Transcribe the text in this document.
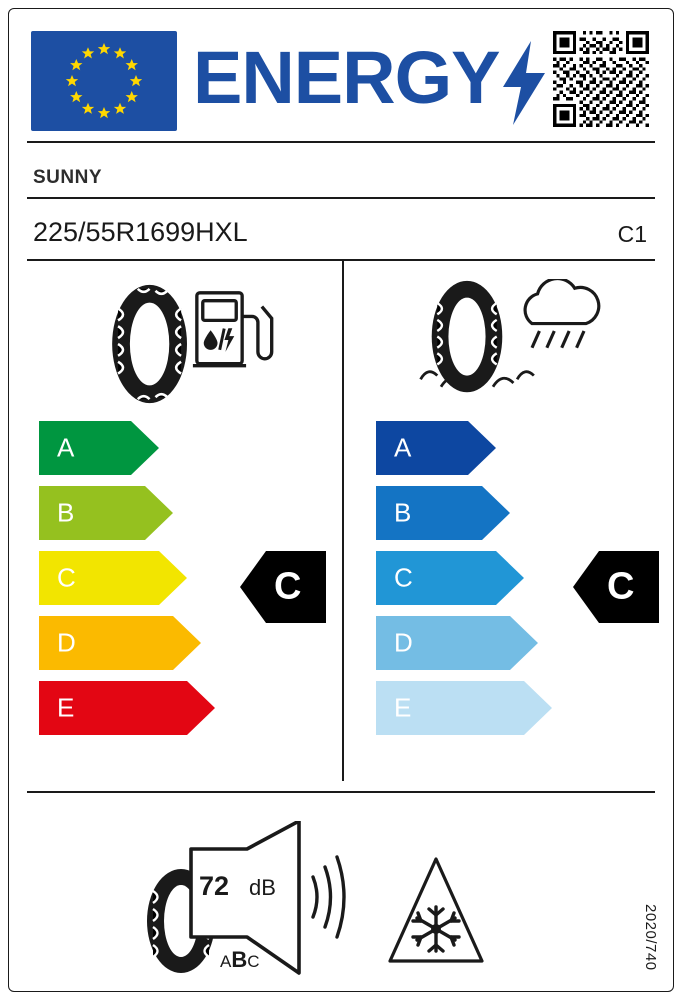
ENERGY
SUNNY
225/55R1699HXL	C1
A
B
C
D
E
C
A
B
C
D
E
C
72 dB
ABC	2020/740
